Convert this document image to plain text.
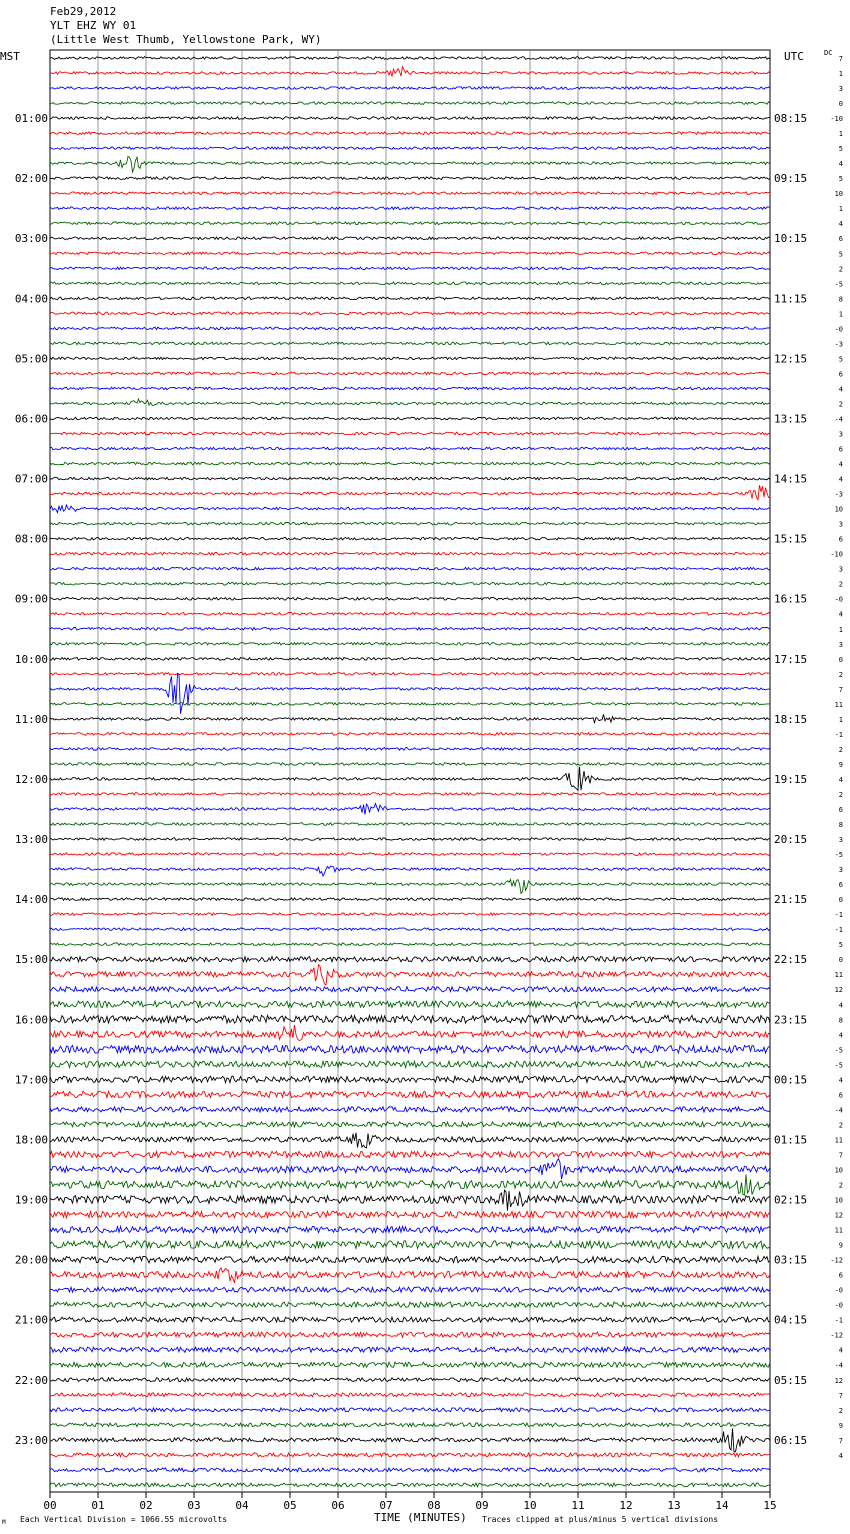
Feb29,2012
YLT EHZ WY 01
(Little West Thumb, Yellowstone Park, WY)
MST	UTC	DC
00	01	02	03	04	05	06	07	08	09	10	11	12	13	14	15
7
1
3
0
-10
1
5
4
5
10
1
4
6
5
2
-5
8
1
-0
-3
5
6
4
2
-4
3
6
4
4
-3
10
3
6
-10
3
2
-0
4
1
3
0
2
7
11
1
-1
2
9
4
2
6
8
3
-5
3
6
0
-1
-1
5
0
11
12
4
8
4
-5
-5
4
6
-4
2
11
7
10
2
10
12
11
9
-12
6
-0
-0
-1
-12
4
-4
12
7
2
9
7
4
01:00
02:00
03:00
04:00
05:00
06:00
07:00
08:00
09:00
10:00
11:00
12:00
13:00
14:00
15:00
16:00
17:00
18:00
19:00
20:00
21:00
22:00
23:00
08:15
09:15
10:15
11:15
12:15
13:15
14:15
15:15
16:15
17:15
18:15
19:15
20:15
21:15
22:15
23:15
00:15
01:15
02:15
03:15
04:15
05:15
06:15
TIME (MINUTES)
Each Vertical Division = 1066.55 microvolts	Traces clipped at plus/minus 5 vertical divisions
M
